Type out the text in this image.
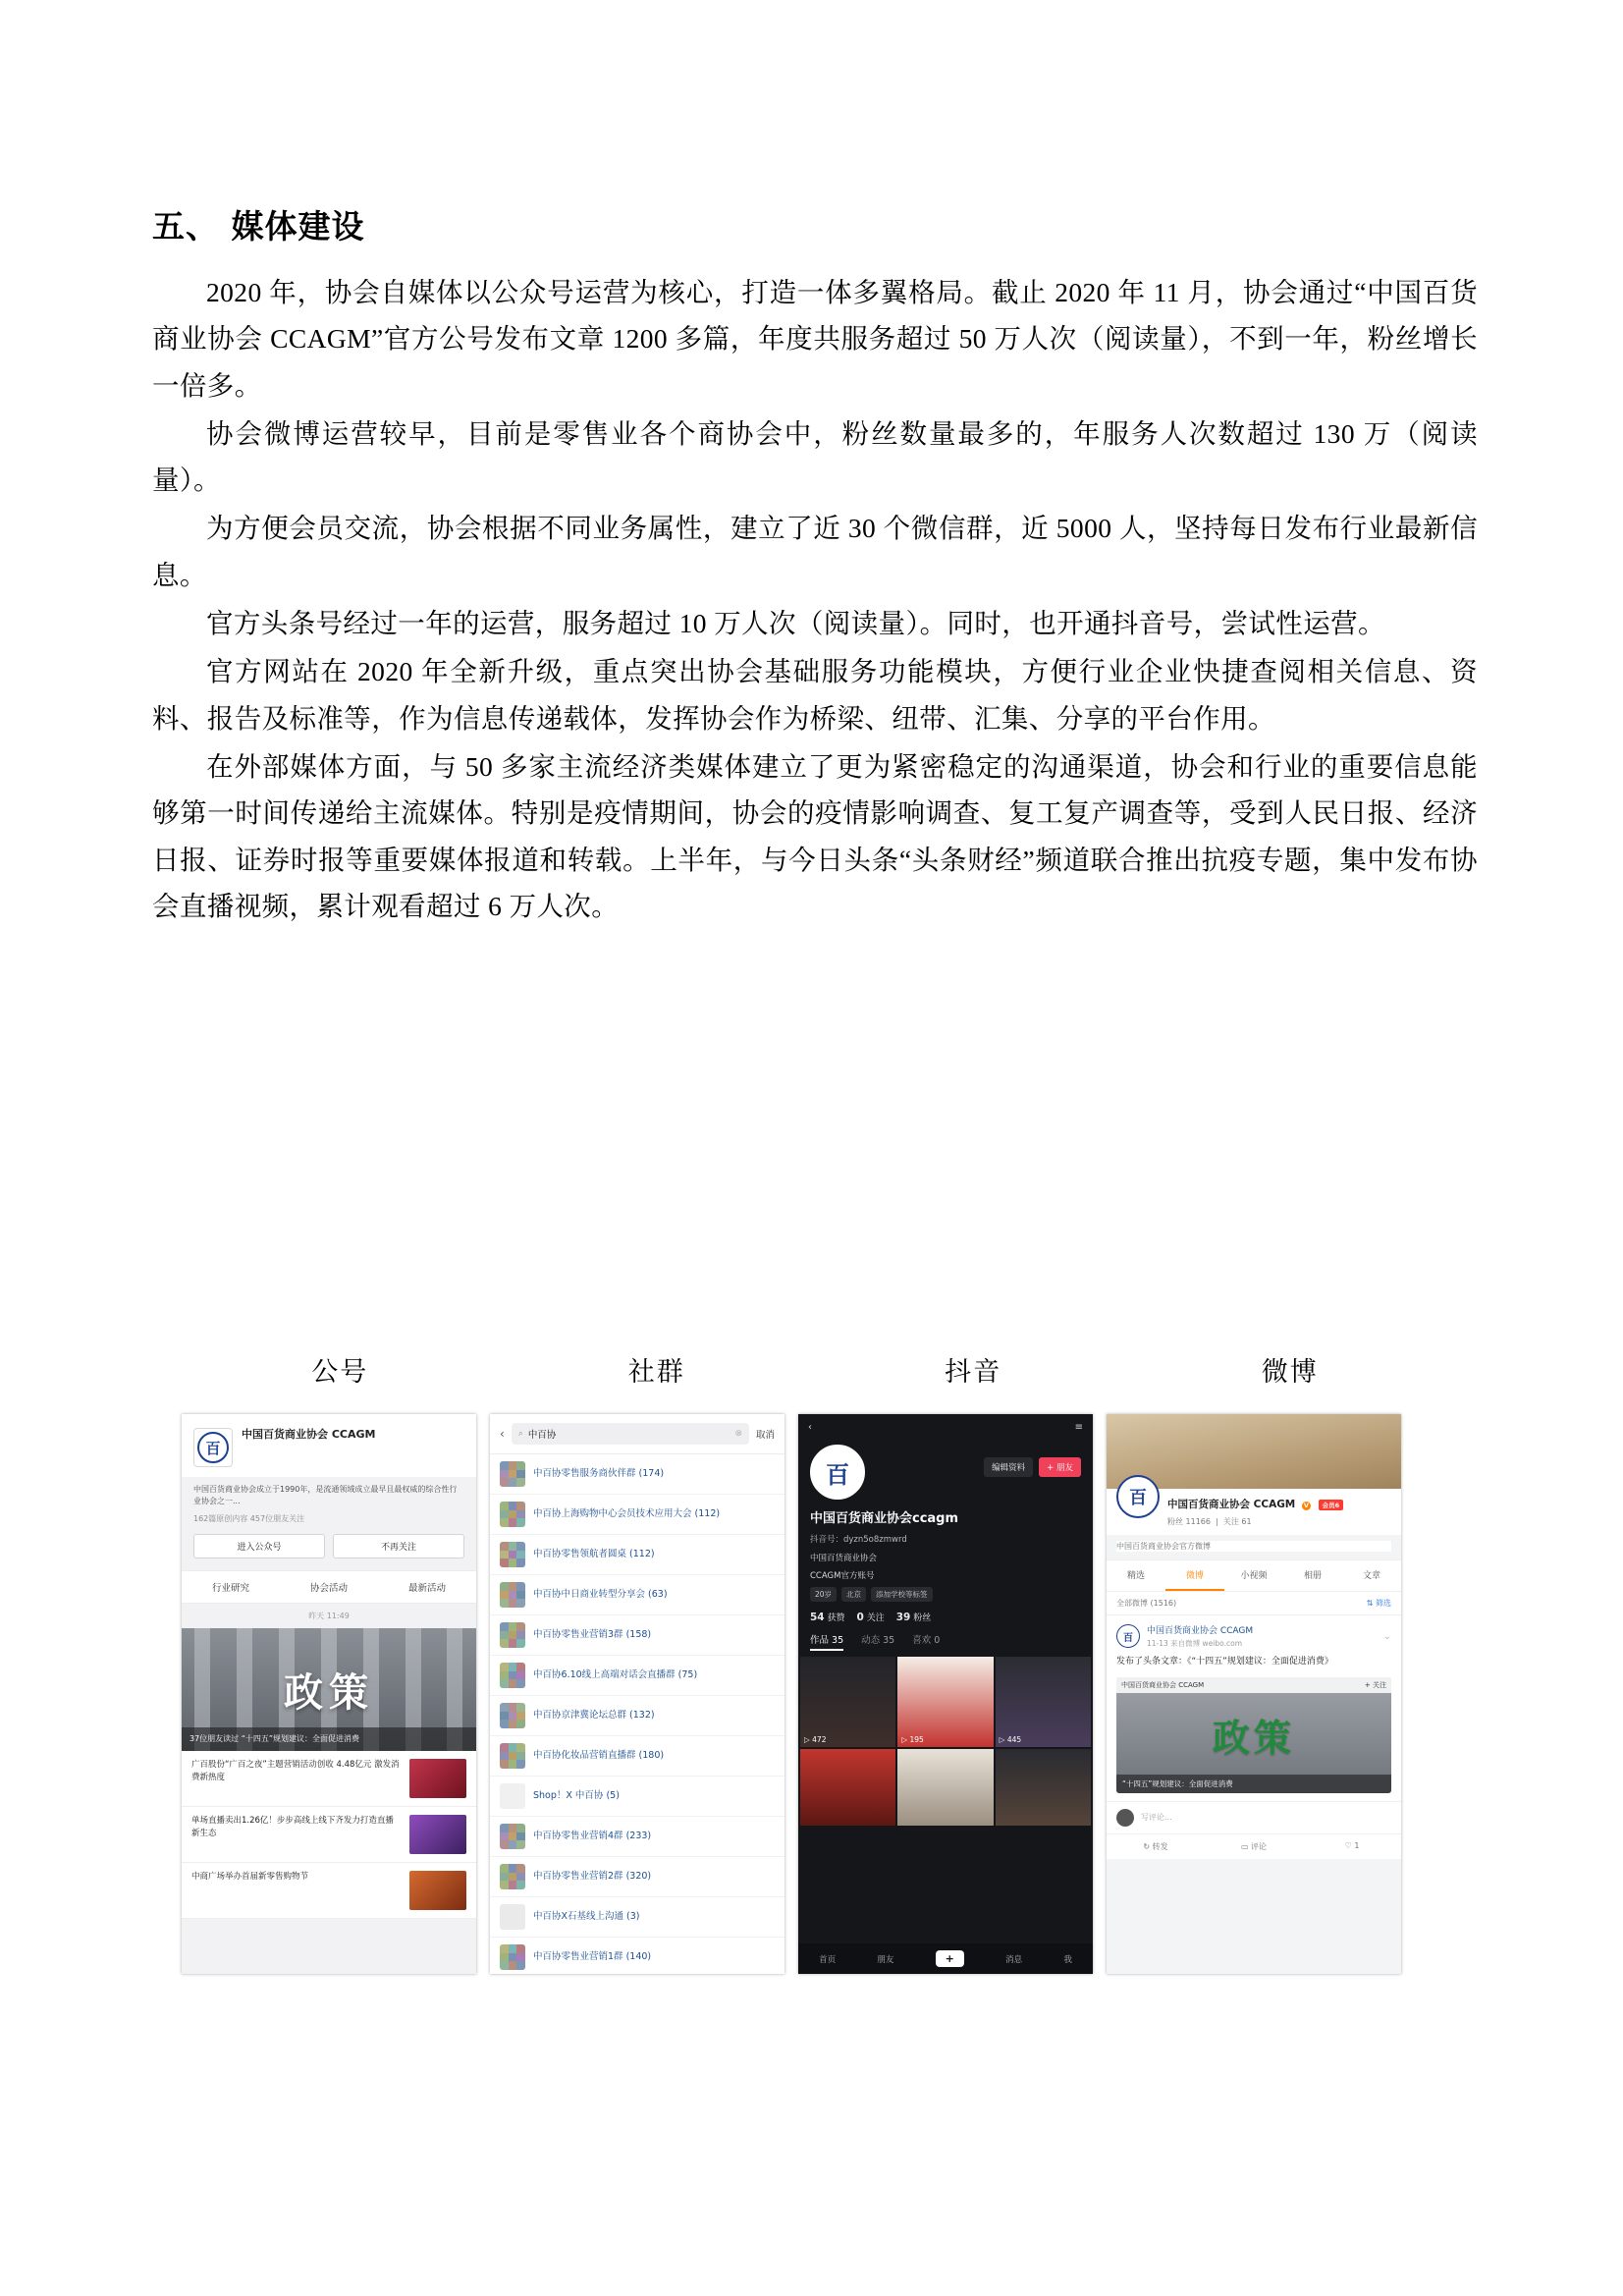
五、 媒体建设

2020 年，协会自媒体以公众号运营为核心，打造一体多翼格局。截止 2020 年 11 月，协会通过“中国百货商业协会 CCAGM”官方公号发布文章 1200 多篇，年度共服务超过 50 万人次（阅读量），不到一年，粉丝增长一倍多。

协会微博运营较早，目前是零售业各个商协会中，粉丝数量最多的，年服务人次数超过 130 万（阅读量）。

为方便会员交流，协会根据不同业务属性，建立了近 30 个微信群，近 5000 人，坚持每日发布行业最新信息。

官方头条号经过一年的运营，服务超过 10 万人次（阅读量）。同时，也开通抖音号，尝试性运营。

官方网站在 2020 年全新升级，重点突出协会基础服务功能模块，方便行业企业快捷查阅相关信息、资料、报告及标准等，作为信息传递载体，发挥协会作为桥梁、纽带、汇集、分享的平台作用。

在外部媒体方面，与 50 多家主流经济类媒体建立了更为紧密稳定的沟通渠道，协会和行业的重要信息能够第一时间传递给主流媒体。特别是疫情期间，协会的疫情影响调查、复工复产调查等，受到人民日报、经济日报、证券时报等重要媒体报道和转载。上半年，与今日头条“头条财经”频道联合推出抗疫专题，集中发布协会直播视频，累计观看超过 6 万人次。

公号	社群	抖音	微博
百
中国百货商业协会 CCAGM
中国百货商业协会成立于1990年，是流通领域成立最早且最权威的综合性行业协会之一...
162篇原创内容 457位朋友关注
进入公众号	不再关注
行业研究	协会活动	最新活动
昨天 11:49
政策
37位朋友读过 “十四五”规划建议：全面促进消费
广百股份“广百之夜”主题营销活动创收 4.48亿元 激发消费新热度
单场直播卖出1.26亿！步步高线上线下齐发力打造直播新生态
中商广场举办首届新零售购物节
‹ ⌕ 中百协	⊗ 取消
中百协零售服务商伙伴群 (174)
中百协上海购物中心会员技术应用大会 (112)
中百协零售领航者圆桌 (112)
中百协中日商业转型分享会 (63)
中百协零售业营销3群 (158)
中百协6.10线上高端对话会直播群 (75)
中百协京津冀论坛总群 (132)
中百协化妆品营销直播群 (180)
Shop！X 中百协 (5)
中百协零售业营销4群 (233)
中百协零售业营销2群 (320)
中百协X石基线上沟通 (3)
中百协零售业营销1群 (140)
‹	≡
编辑资料	+ 朋友
百
中国百货商业协会ccagm
抖音号：dyzn5o8zmwrd
中国百货商业协会
CCAGM官方账号
20岁	北京	添加学校等标签
54 获赞 0 关注 39 粉丝
作品 35 动态 35 喜欢 0
▷ 472	▷ 195	▷ 445
首页	朋友	+	消息	我
百 中国百货商业协会 CCAGM V 会员6
粉丝 11166  |  关注 61
中国百货商业协会官方微博
精选	微博	小视频	相册	文章
全部微博 (1516)	⇅ 筛选
百
中国百货商业协会 CCAGM
11-13 来自微博 weibo.com
⌄
发布了头条文章：《“十四五”规划建议：全面促进消费》
中国百货商业协会 CCAGM	+ 关注
政策
“十四五”规划建议：全面促进消费
写评论...
↻ 转发	▭ 评论	♡ 1
